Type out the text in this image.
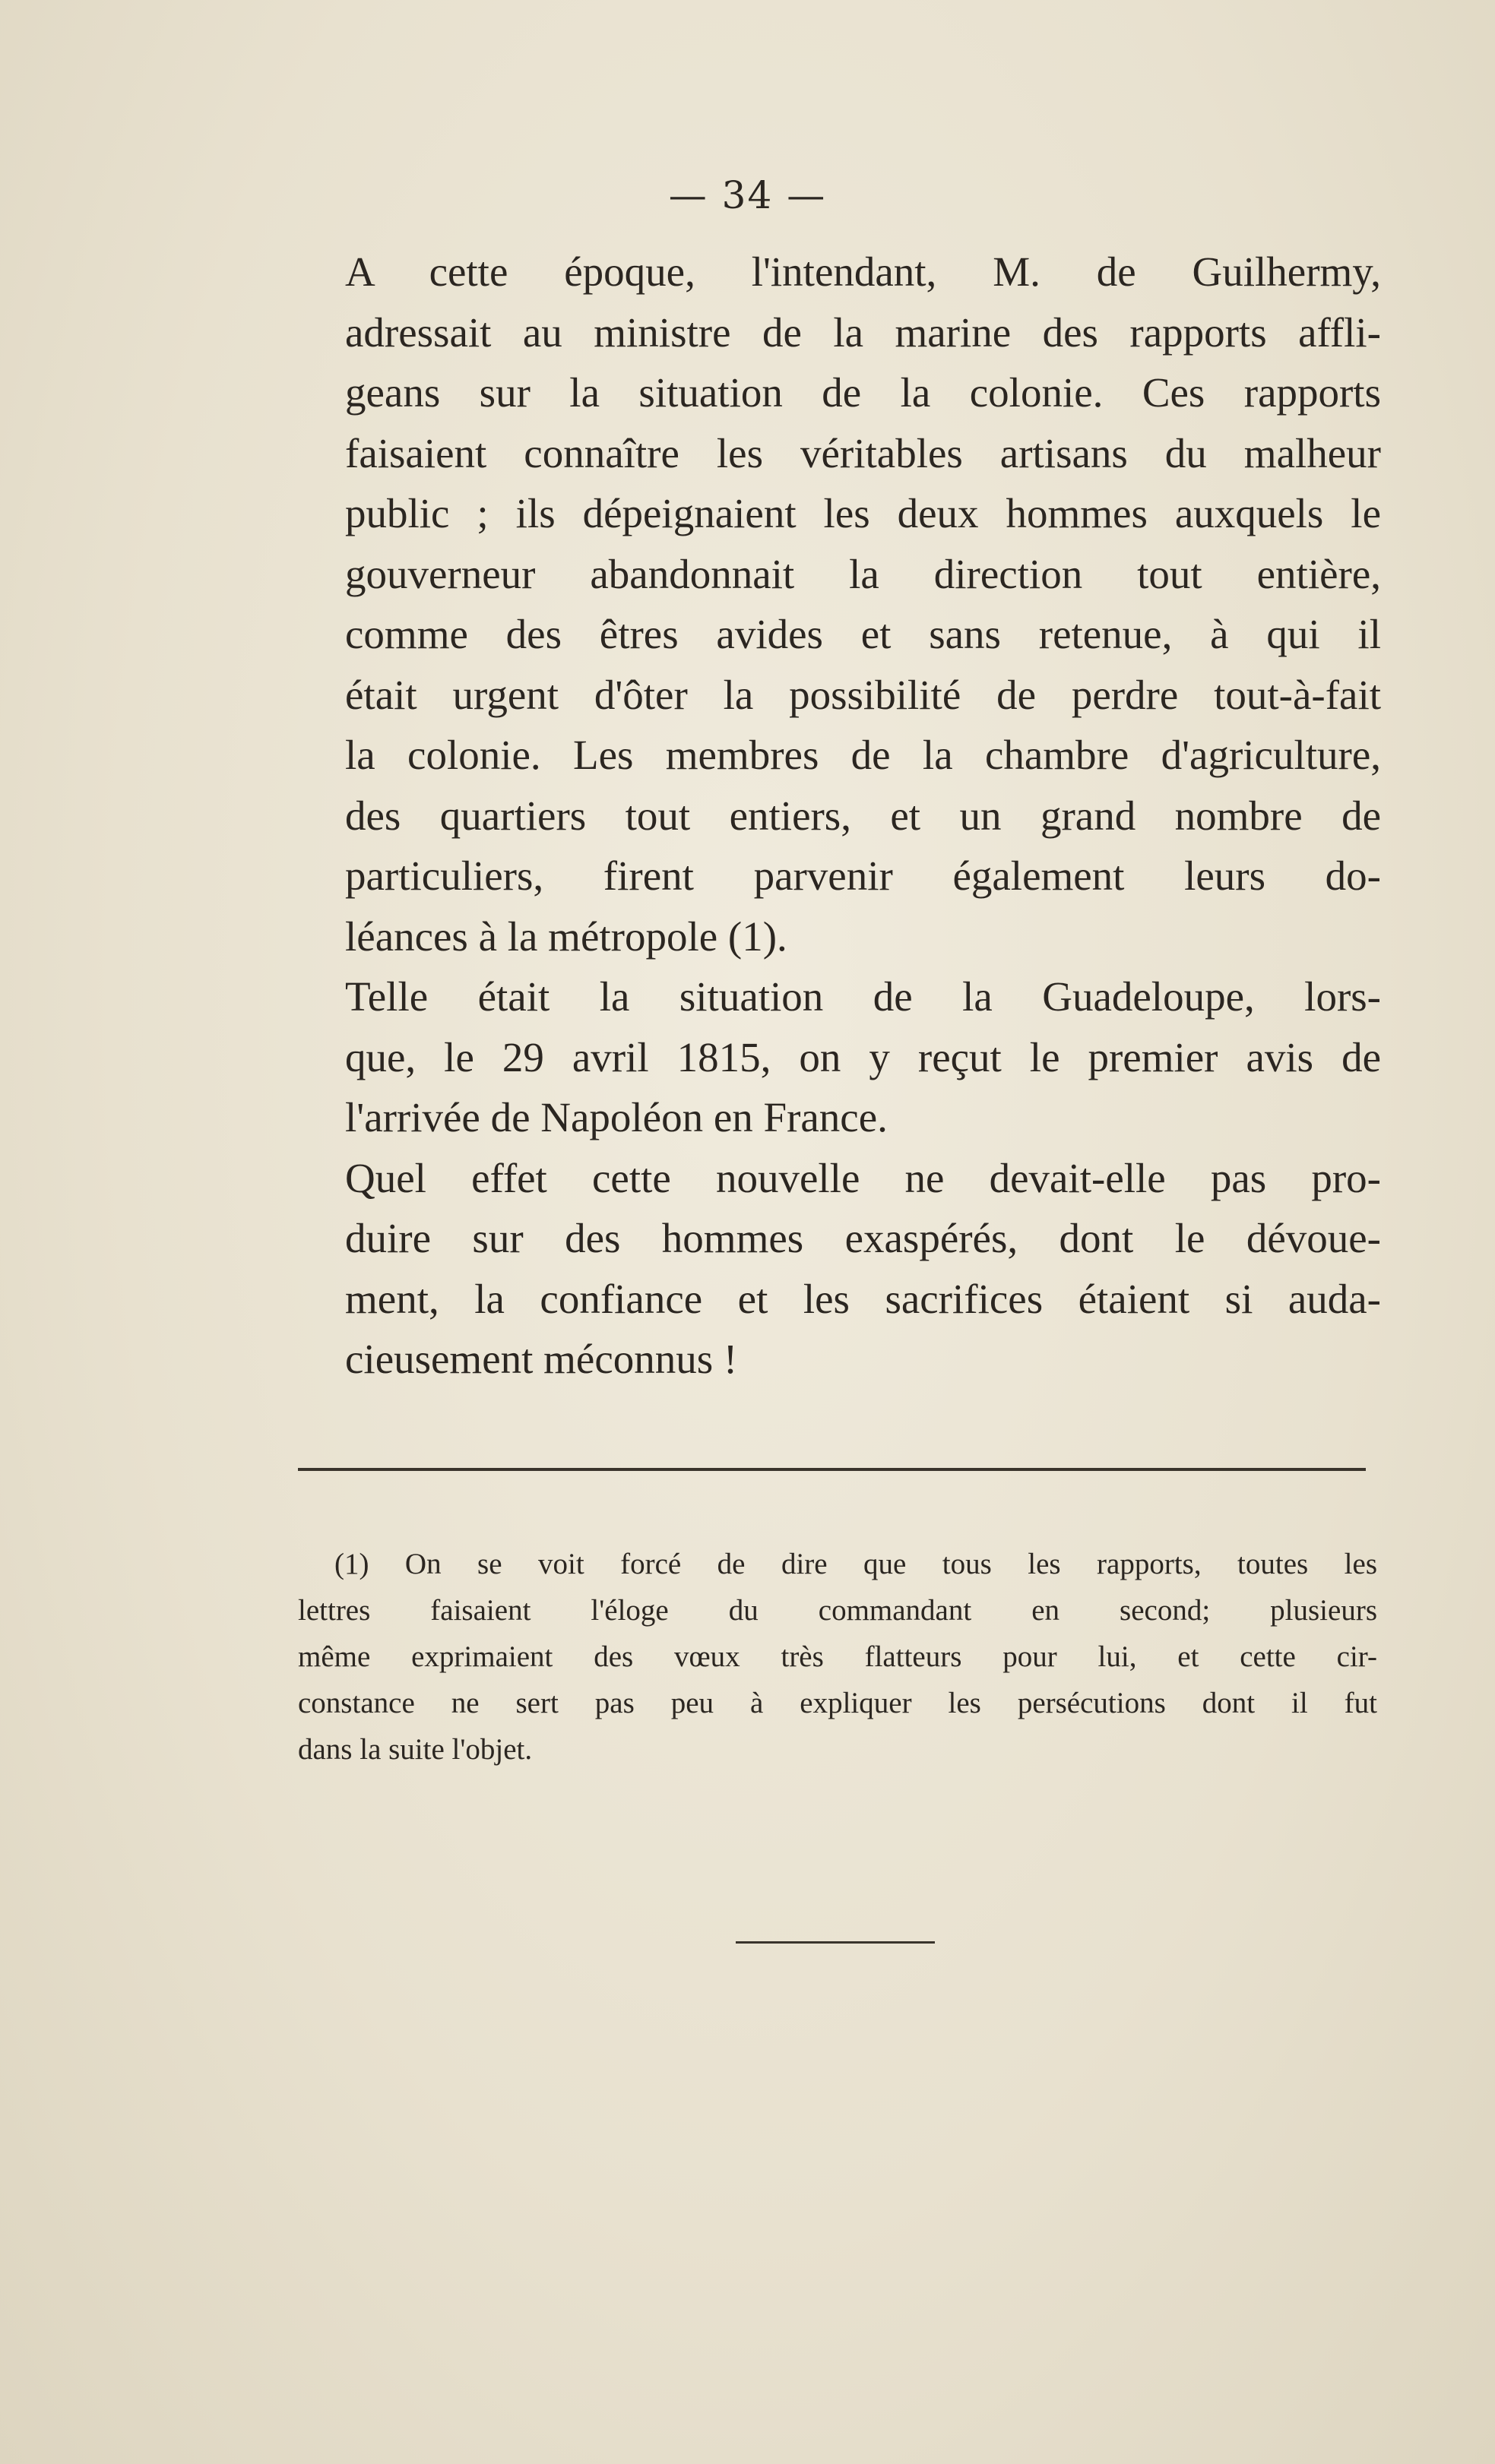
— 34 —
A cette époque, l'intendant, M. de Guilhermy,
adressait au ministre de la marine des rapports affli-
geans sur la situation de la colonie. Ces rapports
faisaient connaître les véritables artisans du malheur
public ; ils dépeignaient les deux hommes auxquels le
gouverneur abandonnait la direction tout entière,
comme des êtres avides et sans retenue, à qui il
était urgent d'ôter la possibilité de perdre tout-à-fait
la colonie. Les membres de la chambre d'agriculture,
des quartiers tout entiers, et un grand nombre de
particuliers, firent parvenir également leurs do-
léances à la métropole (1).
Telle était la situation de la Guadeloupe, lors-
que, le 29 avril 1815, on y reçut le premier avis de
l'arrivée de Napoléon en France.
Quel effet cette nouvelle ne devait-elle pas pro-
duire sur des hommes exaspérés, dont le dévoue-
ment, la confiance et les sacrifices étaient si auda-
cieusement méconnus !
(1) On se voit forcé de dire que tous les rapports, toutes les
lettres faisaient l'éloge du commandant en second; plusieurs
même exprimaient des vœux très flatteurs pour lui, et cette cir-
constance ne sert pas peu à expliquer les persécutions dont il fut
dans la suite l'objet.
